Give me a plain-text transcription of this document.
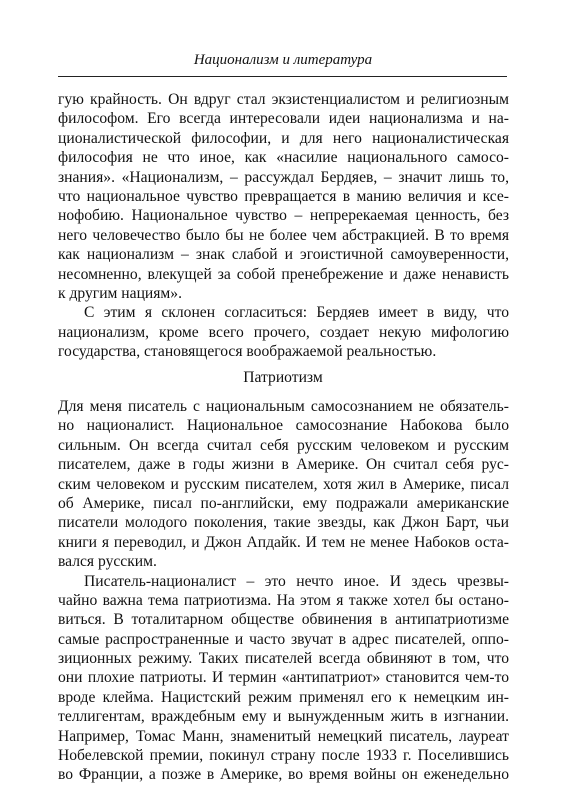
Национализм и литература
гую крайность. Он вдруг стал экзистенциалистом и религиозным
философом. Его всегда интересовали идеи национализма и на-
ционалистической философии, и для него националистическая
философия не что иное, как «насилие национального самосо-
знания». «Национализм, – рассуждал Бердяев, – значит лишь то,
что национальное чувство превращается в манию величия и ксе-
нофобию. Национальное чувство – непререкаемая ценность, без
него человечество было бы не более чем абстракцией. В то время
как национализм – знак слабой и эгоистичной самоуверенности,
несомненно, влекущей за собой пренебрежение и даже ненависть
к другим нациям».
С этим я склонен согласиться: Бердяев имеет в виду, что
национализм, кроме всего прочего, создает некую мифологию
государства, становящегося воображаемой реальностью.
Патриотизм
Для меня писатель с национальным самосознанием не обязатель-
но националист. Национальное самосознание Набокова было
сильным. Он всегда считал себя русским человеком и русским
писателем, даже в годы жизни в Америке. Он считал себя рус-
ским человеком и русским писателем, хотя жил в Америке, писал
об Америке, писал по-английски, ему подражали американские
писатели молодого поколения, такие звезды, как Джон Барт, чьи
книги я переводил, и Джон Апдайк. И тем не менее Набоков оста-
вался русским.
Писатель-националист – это нечто иное. И здесь чрезвы-
чайно важна тема патриотизма. На этом я также хотел бы остано-
виться. В тоталитарном обществе обвинения в антипатриотизме
самые распространенные и часто звучат в адрес писателей, оппо-
зиционных режиму. Таких писателей всегда обвиняют в том, что
они плохие патриоты. И термин «антипатриот» становится чем-то
вроде клейма. Нацистский режим применял его к немецким ин-
теллигентам, враждебным ему и вынужденным жить в изгнании.
Например, Томас Манн, знаменитый немецкий писатель, лауреат
Нобелевской премии, покинул страну после 1933 г. Поселившись
во Франции, а позже в Америке, во время войны он еженедельно
